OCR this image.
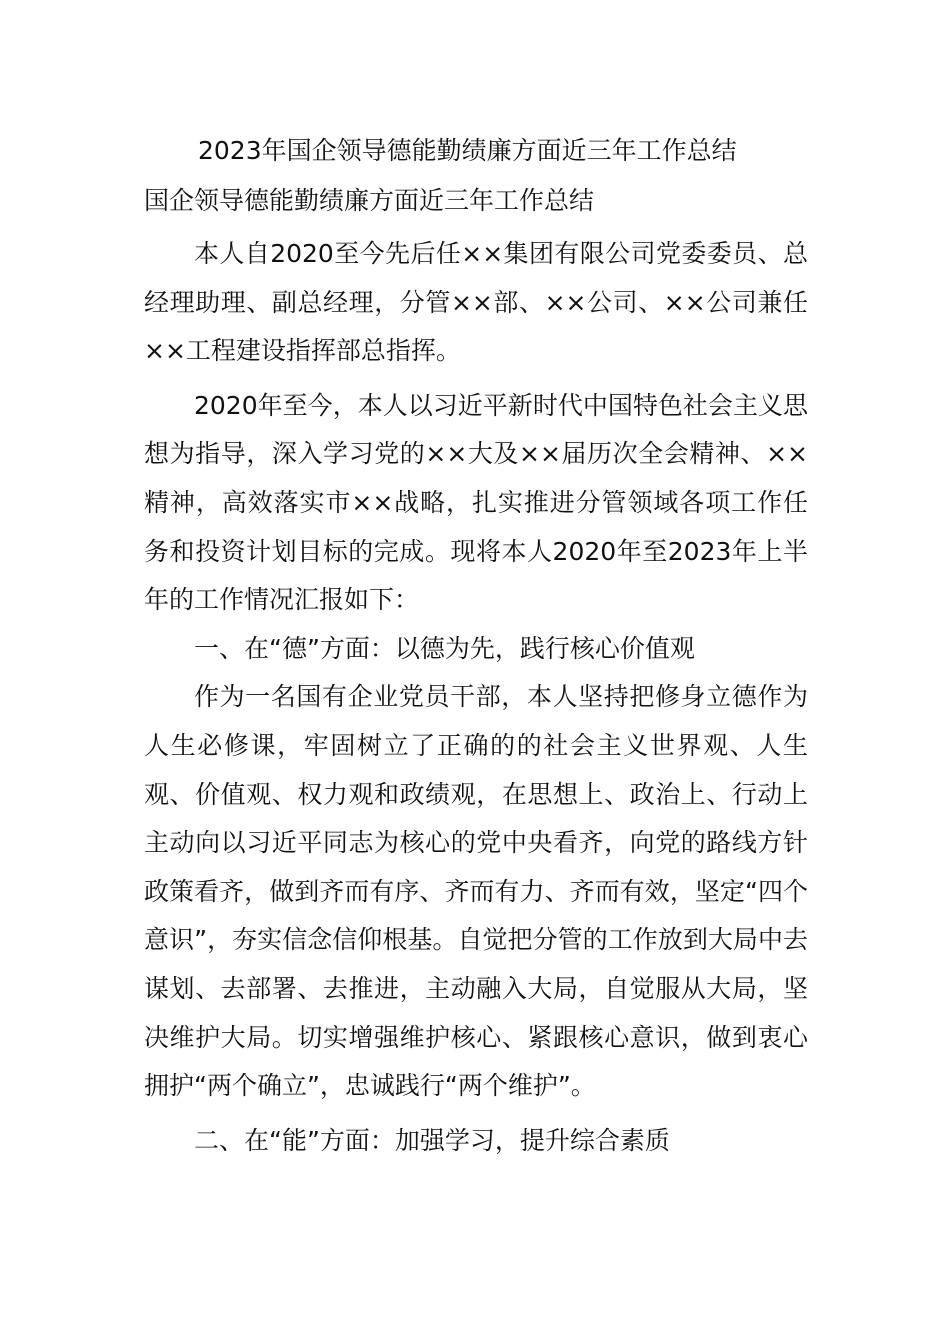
2023年国企领导德能勤绩廉方面近三年工作总结
国企领导德能勤绩廉方面近三年工作总结

本人自2020至今先后任××集团有限公司党委委员、总经理助理、副总经理，分管××部、××公司、××公司兼任××工程建设指挥部总指挥。

2020年至今，本人以习近平新时代中国特色社会主义思想为指导，深入学习党的××大及××届历次全会精神、××精神，高效落实市××战略，扎实推进分管领域各项工作任务和投资计划目标的完成。现将本人2020年至2023年上半年的工作情况汇报如下：

一、在“德”方面：以德为先，践行核心价值观

作为一名国有企业党员干部，本人坚持把修身立德作为人生必修课，牢固树立了正确的的社会主义世界观、人生观、价值观、权力观和政绩观，在思想上、政治上、行动上主动向以习近平同志为核心的党中央看齐，向党的路线方针政策看齐，做到齐而有序、齐而有力、齐而有效，坚定“四个意识”，夯实信念信仰根基。自觉把分管的工作放到大局中去谋划、去部署、去推进，主动融入大局，自觉服从大局，坚决维护大局。切实增强维护核心、紧跟核心意识，做到衷心拥护“两个确立”，忠诚践行“两个维护”。

二、在“能”方面：加强学习，提升综合素质
